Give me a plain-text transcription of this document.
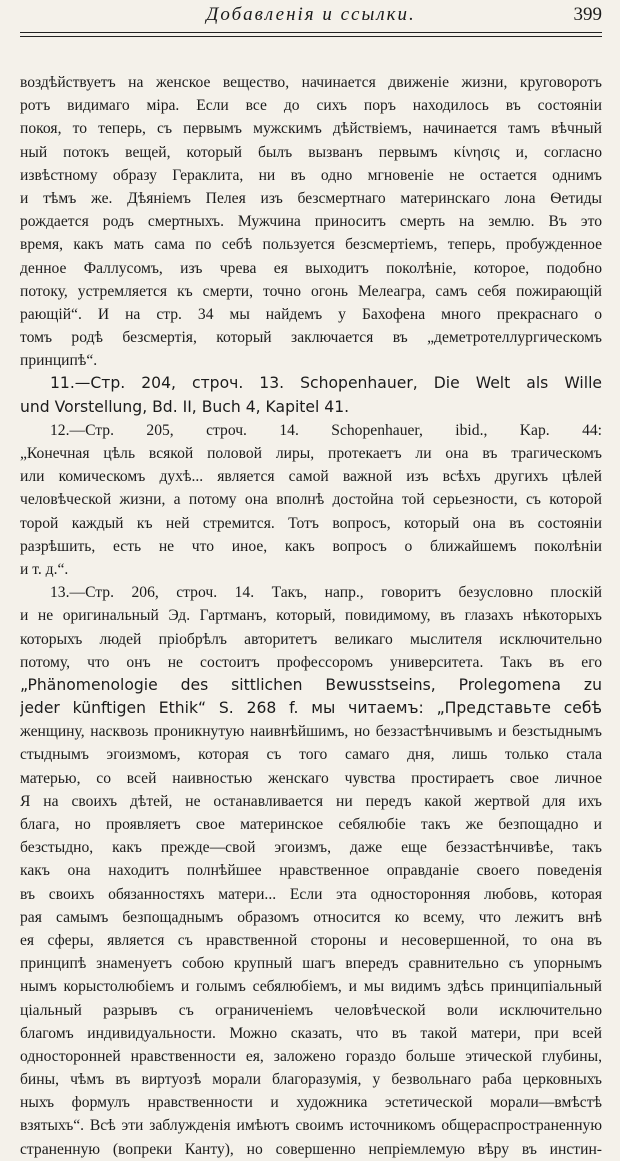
Добавленія и ссылки.	399
воздѣйствуетъ на женское вещество, начинается движеніе жизни, круговоротъ
ротъ видимаго міра. Если все до сихъ поръ находилось въ состояніи
покоя, то теперь, съ первымъ мужскимъ дѣйствіемъ, начинается тамъ вѣчный
ный потокъ вещей, который былъ вызванъ первымъ κίνησις и, согласно
извѣстному образу Гераклита, ни въ одно мгновеніе не остается однимъ
и тѣмъ же. Дѣяніемъ Пелея изъ безсмертнаго материнскаго лона Ѳетиды
рождается родъ смертныхъ. Мужчина приноситъ смерть на землю. Въ это
время, какъ мать сама по себѣ пользуется безсмертіемъ, теперь, пробужденное
денное Фаллусомъ, изъ чрева ея выходитъ поколѣніе, которое, подобно
потоку, устремляется къ смерти, точно огонь Мелеагра, самъ себя пожирающій
рающій“. И на стр. 34 мы найдемъ у Бахофена много прекраснаго о
томъ родѣ безсмертія, который заключается въ „деметротеллургическомъ
принципѣ“.
11.—Стр. 204, строч. 13. Schopenhauer, Die Welt als Wille
und Vorstellung, Bd. II, Buch 4, Kapitel 41.
12.—Стр. 205, строч. 14. Schopenhauer, ibid., Kap. 44:
„Конечная цѣль всякой половой лиры, протекаетъ ли она въ трагическомъ
или комическомъ духѣ... является самой важной изъ всѣхъ другихъ цѣлей
человѣческой жизни, а потому она вполнѣ достойна той серьезности, съ которой
торой каждый къ ней стремится. Тотъ вопросъ, который она въ состояніи
разрѣшить, есть не что иное, какъ вопросъ о ближайшемъ поколѣніи
и т. д.“.
13.—Стр. 206, строч. 14. Такъ, напр., говоритъ безусловно плоскій
и не оригинальный Эд. Гартманъ, который, повидимому, въ глазахъ нѣкоторыхъ
которыхъ людей пріобрѣлъ авторитетъ великаго мыслителя исключительно
потому, что онъ не состоитъ профессоромъ университета. Такъ въ его
„Phänomenologie des sittlichen Bewusstseins, Prolegomena zu
jeder künftigen Ethik“ S. 268 f. мы читаемъ: „Представьте себѣ
женщину, насквозь проникнутую наивнѣйшимъ, но беззастѣнчивымъ и безстыднымъ
стыднымъ эгоизмомъ, которая съ того самаго дня, лишь только стала
матерью, со всей наивностью женскаго чувства простираетъ свое личное
Я на своихъ дѣтей, не останавливается ни передъ какой жертвой для ихъ
блага, но проявляетъ свое материнское себялюбіе такъ же безпощадно и
безстыдно, какъ прежде—свой эгоизмъ, даже еще беззастѣнчивѣе, такъ
какъ она находитъ полнѣйшее нравственное оправданіе своего поведенія
въ своихъ обязанностяхъ матери... Если эта односторонняя любовь, которая
рая самымъ безпощаднымъ образомъ относится ко всему, что лежитъ внѣ
ея сферы, является съ нравственной стороны и несовершенной, то она въ
принципѣ знаменуетъ собою крупный шагъ впередъ сравнительно съ упорнымъ
нымъ корыстолюбіемъ и голымъ себялюбіемъ, и мы видимъ здѣсь принципіальный
ціальный разрывъ съ ограниченіемъ человѣческой воли исключительно
благомъ индивидуальности. Можно сказать, что въ такой матери, при всей
односторонней нравственности ея, заложено гораздо больше этической глубины,
бины, чѣмъ въ виртуозѣ морали благоразумія, у безвольнаго раба церковныхъ
ныхъ формулъ нравственности и художника эстетической морали—вмѣстѣ
взятыхъ“. Всѣ эти заблужденія имѣютъ своимъ источникомъ общераспространенную
страненную (вопреки Канту), но совершенно непріемлемую вѣру въ инстин-
